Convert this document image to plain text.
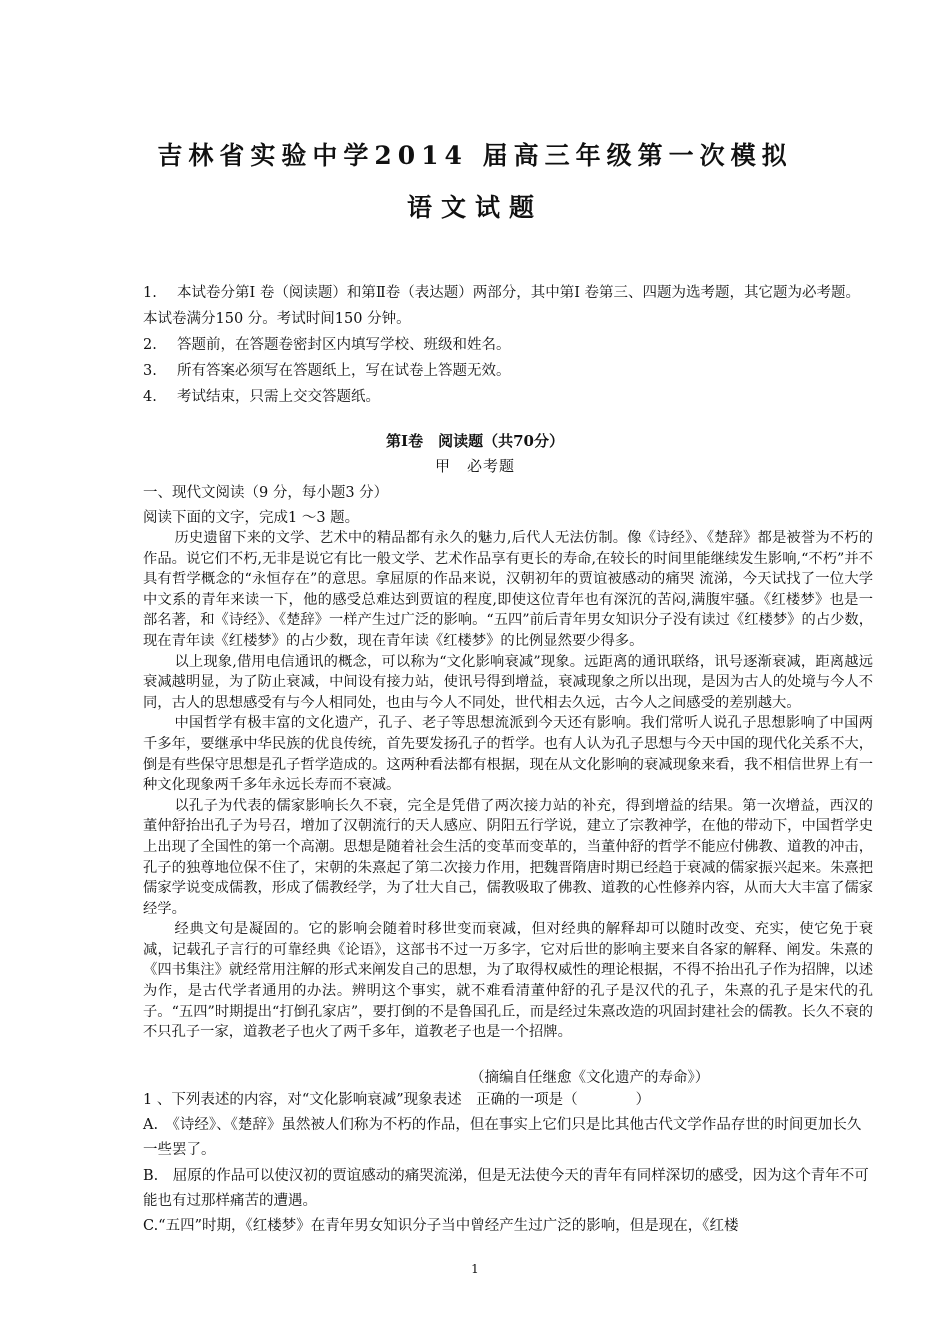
吉林省实验中学2014 届高三年级第一次模拟
语文试题
1. 本试卷分第Ⅰ 卷（阅读题）和第Ⅱ卷（表达题）两部分，其中第Ⅰ 卷第三、四题为选考题，其它题为必考题。本试卷满分150 分。考试时间150 分钟。
2. 答题前，在答题卷密封区内填写学校、班级和姓名。
3. 所有答案必须写在答题纸上，写在试卷上答题无效。
4. 考试结束，只需上交交答题纸。
第Ⅰ卷　阅读题（共70分）
甲　必考题
一、现代文阅读（9 分，每小题3 分）
阅读下面的文字，完成1 ～3 题。

历史遗留下来的文学、艺术中的精品都有永久的魅力,后代人无法仿制。像《诗经》、《楚辞》都是被誉为不朽的作品。说它们不朽,无非是说它有比一般文学、艺术作品享有更长的寿命,在较长的时间里能继续发生影响,“不朽”并不具有哲学概念的“永恒存在”的意思。拿屈原的作品来说，汉朝初年的贾谊被感动的痛哭 流涕，今天试找了一位大学中文系的青年来读一下，他的感受总难达到贾谊的程度,即使这位青年也有深沉的苦闷,满腹牢骚。《红楼梦》也是一部名著，和《诗经》、《楚辞》一样产生过广泛的影响。“五四”前后青年男女知识分子没有读过《红楼梦》的占少数，现在青年读《红楼梦》的占少数，现在青年读《红楼梦》的比例显然要少得多。

以上现象,借用电信通讯的概念，可以称为“文化影响衰减”现象。远距离的通讯联络，讯号逐渐衰减，距离越远衰减越明显，为了防止衰减，中间设有接力站，使讯号得到增益，衰减现象之所以出现，是因为古人的处境与今人不同，古人的思想感受有与今人相同处，也由与今人不同处，世代相去久远，古今人之间感受的差别越大。

中国哲学有极丰富的文化遗产，孔子、老子等思想流派到今天还有影响。我们常听人说孔子思想影响了中国两千多年，要继承中华民族的优良传统，首先要发扬孔子的哲学。也有人认为孔子思想与今天中国的现代化关系不大，倒是有些保守思想是孔子哲学造成的。这两种看法都有根据，现在从文化影响的衰减现象来看，我不相信世界上有一种文化现象两千多年永远长寿而不衰减。

以孔子为代表的儒家影响长久不衰，完全是凭借了两次接力站的补充，得到增益的结果。第一次增益，西汉的董仲舒抬出孔子为号召，增加了汉朝流行的天人感应、阴阳五行学说，建立了宗教神学，在他的带动下，中国哲学史上出现了全国性的第一个高潮。思想是随着社会生活的变革而变革的，当董仲舒的哲学不能应付佛教、道教的冲击，孔子的独尊地位保不住了，宋朝的朱熹起了第二次接力作用，把魏晋隋唐时期已经趋于衰减的儒家振兴起来。朱熹把儒家学说变成儒教，形成了儒教经学，为了壮大自己，儒教吸取了佛教、道教的心性修养内容，从而大大丰富了儒家经学。

经典文句是凝固的。它的影响会随着时移世变而衰减，但对经典的解释却可以随时改变、充实，使它免于衰减，记载孔子言行的可靠经典《论语》，这部书不过一万多字，它对后世的影响主要来自各家的解释、阐发。朱熹的《四书集注》就经常用注解的形式来阐发自己的思想，为了取得权威性的理论根据，不得不抬出孔子作为招牌，以述为作，是古代学者通用的办法。辨明这个事实，就不难看清董仲舒的孔子是汉代的孔子，朱熹的孔子是宋代的孔子。“五四”时期提出“打倒孔家店”，要打倒的不是鲁国孔丘，而是经过朱熹改造的巩固封建社会的儒教。长久不衰的不只孔子一家，道教老子也火了两千多年，道教老子也是一个招牌。

（摘编自任继愈《文化遗产的寿命》）
1 、下列表述的内容，对“文化影响衰减”现象表述　正确的一项是（　　　　）
A.　《诗经》、《楚辞》虽然被人们称为不朽的作品，但在事实上它们只是比其他古代文学作品存世的时间更加长久一些罢了。
B.　屈原的作品可以使汉初的贾谊感动的痛哭流涕，但是无法使今天的青年有同样深切的感受，因为这个青年不可能也有过那样痛苦的遭遇。
C.“五四”时期，《红楼梦》在青年男女知识分子当中曾经产生过广泛的影响，但是现在，《红楼
1
